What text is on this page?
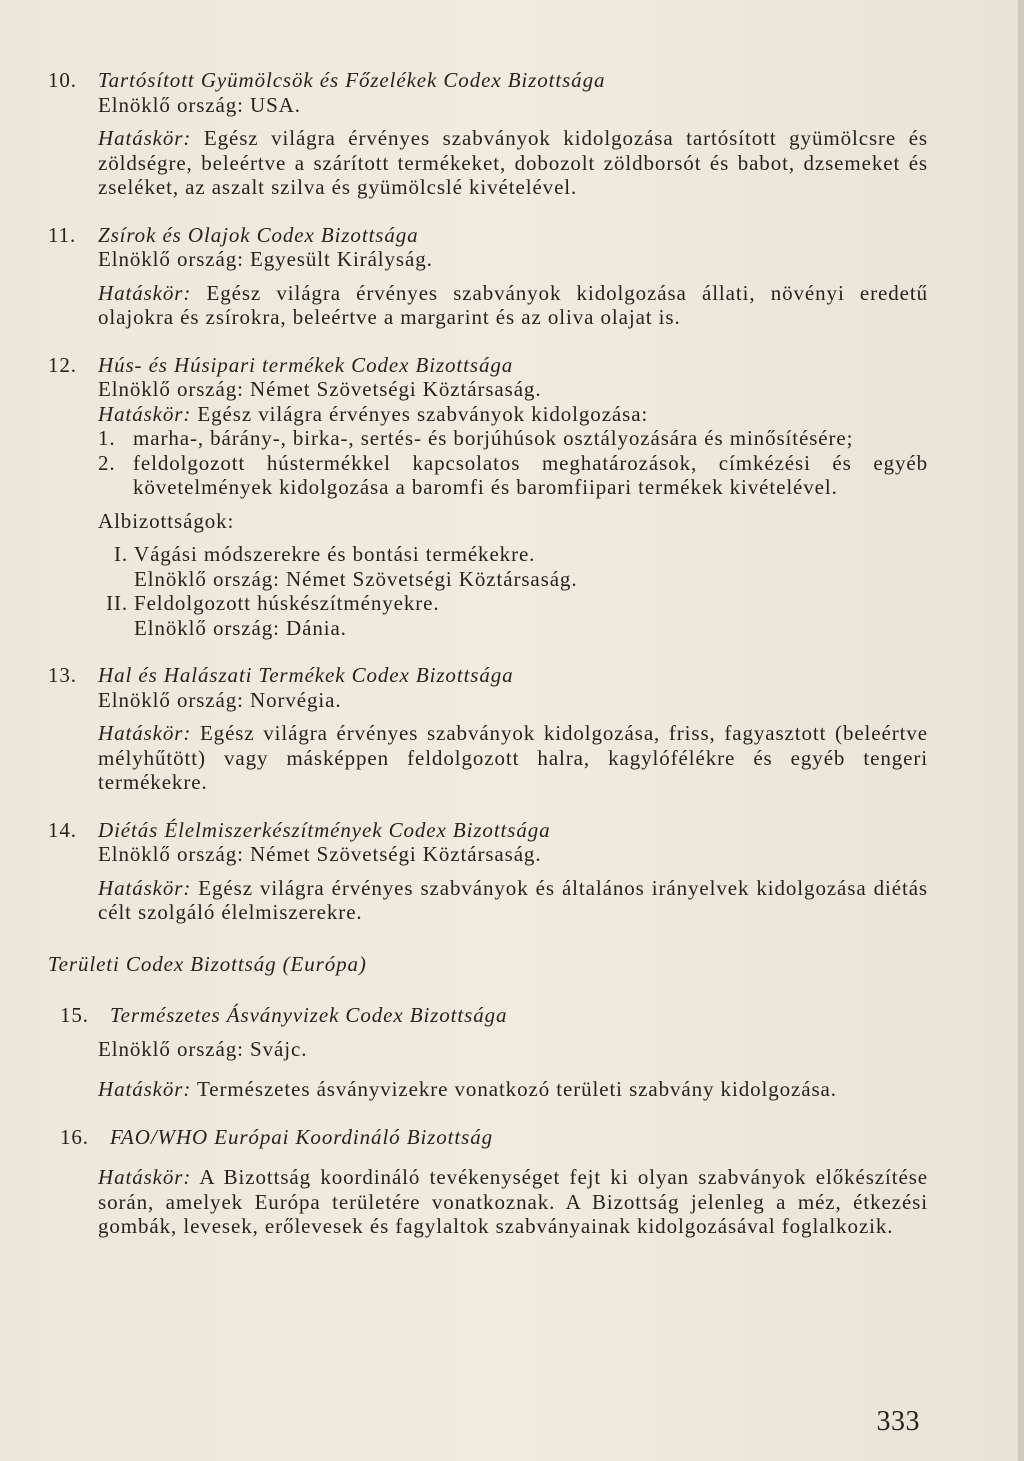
10. Tartósított Gyümölcsök és Főzelékek Codex Bizottsága
Elnöklő ország: USA.
Hatáskör: Egész világra érvényes szabványok kidolgozása tartósított gyümölcsre és zöldségre, beleértve a szárított termékeket, dobozolt zöldborsót és babot, dzsemeket és zseléket, az aszalt szilva és gyümölcslé kivételével.
11. Zsírok és Olajok Codex Bizottsága
Elnöklő ország: Egyesült Királyság.
Hatáskör: Egész világra érvényes szabványok kidolgozása állati, növényi eredetű olajokra és zsírokra, beleértve a margarint és az oliva olajat is.
12. Hús- és Húsipari termékek Codex Bizottsága
Elnöklő ország: Német Szövetségi Köztársaság.
Hatáskör: Egész világra érvényes szabványok kidolgozása:
1. marha-, bárány-, birka-, sertés- és borjúhúsok osztályozására és minősítésére;
2. feldolgozott hústermékkel kapcsolatos meghatározások, címkézési és egyéb követelmények kidolgozása a baromfi és baromfiipari termékek kivételével.
Albizottságok:
I. Vágási módszerekre és bontási termékekre.
Elnöklő ország: Német Szövetségi Köztársaság.
II. Feldolgozott húskészítményekre.
Elnöklő ország: Dánia.
13. Hal és Halászati Termékek Codex Bizottsága
Elnöklő ország: Norvégia.
Hatáskör: Egész világra érvényes szabványok kidolgozása, friss, fagyasztott (beleértve mélyhűtött) vagy másképpen feldolgozott halra, kagylófélékre és egyéb tengeri termékekre.
14. Diétás Élelmiszerkészítmények Codex Bizottsága
Elnöklő ország: Német Szövetségi Köztársaság.
Hatáskör: Egész világra érvényes szabványok és általános irányelvek kidolgozása diétás célt szolgáló élelmiszerekre.
Területi Codex Bizottság (Európa)
15. Természetes Ásványvizek Codex Bizottsága
Elnöklő ország: Svájc.
Hatáskör: Természetes ásványvizekre vonatkozó területi szabvány kidolgozása.
16. FAO/WHO Európai Koordináló Bizottság
Hatáskör: A Bizottság koordináló tevékenységet fejt ki olyan szabványok előkészítése során, amelyek Európa területére vonatkoznak. A Bizottság jelenleg a méz, étkezési gombák, levesek, erőlevesek és fagylaltok szabványainak kidolgozásával foglalkozik.
333
